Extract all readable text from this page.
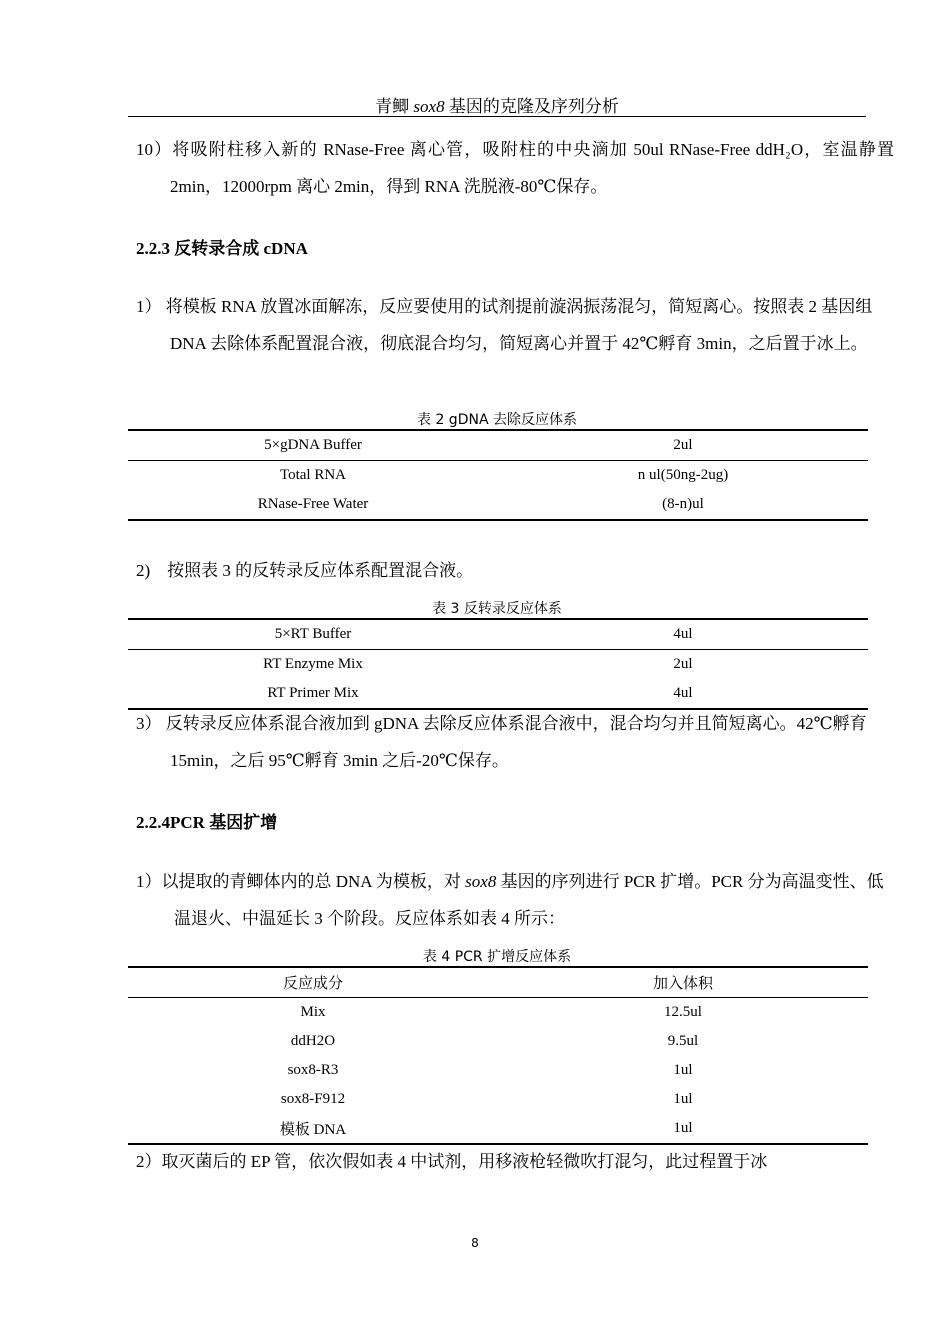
青鲫 sox8 基因的克隆及序列分析
10）将吸附柱移入新的 RNase-Free 离心管，吸附柱的中央滴加 50ul RNase-Free ddH₂O，室温静置 2min，12000rpm 离心 2min，得到 RNA 洗脱液-80℃保存。
2.2.3 反转录合成 cDNA
1） 将模板 RNA 放置冰面解冻，反应要使用的试剂提前漩涡振荡混匀，简短离心。按照表 2 基因组 DNA 去除体系配置混合液，彻底混合均匀，简短离心并置于 42℃孵育 3min，之后置于冰上。
表 2 gDNA 去除反应体系
5×gDNA Buffer	2ul
Total RNA	n ul(50ng-2ug)
RNase-Free Water	(8-n)ul
2)    按照表 3 的反转录反应体系配置混合液。
表 3 反转录反应体系
5×RT Buffer	4ul
RT Enzyme Mix	2ul
RT Primer Mix	4ul
3） 反转录反应体系混合液加到 gDNA 去除反应体系混合液中，混合均匀并且简短离心。42℃孵育 15min，之后 95℃孵育 3min 之后-20℃保存。
2.2.4PCR 基因扩增
1）以提取的青鲫体内的总 DNA 为模板，对 sox8 基因的序列进行 PCR 扩增。PCR 分为高温变性、低温退火、中温延长 3 个阶段。反应体系如表 4 所示：
表 4 PCR 扩增反应体系
反应成分	加入体积
Mix	12.5ul
ddH2O	9.5ul
sox8-R3	1ul
sox8-F912	1ul
模板 DNA	1ul
2）取灭菌后的 EP 管，依次假如表 4 中试剂，用移液枪轻微吹打混匀，此过程置于冰
8
